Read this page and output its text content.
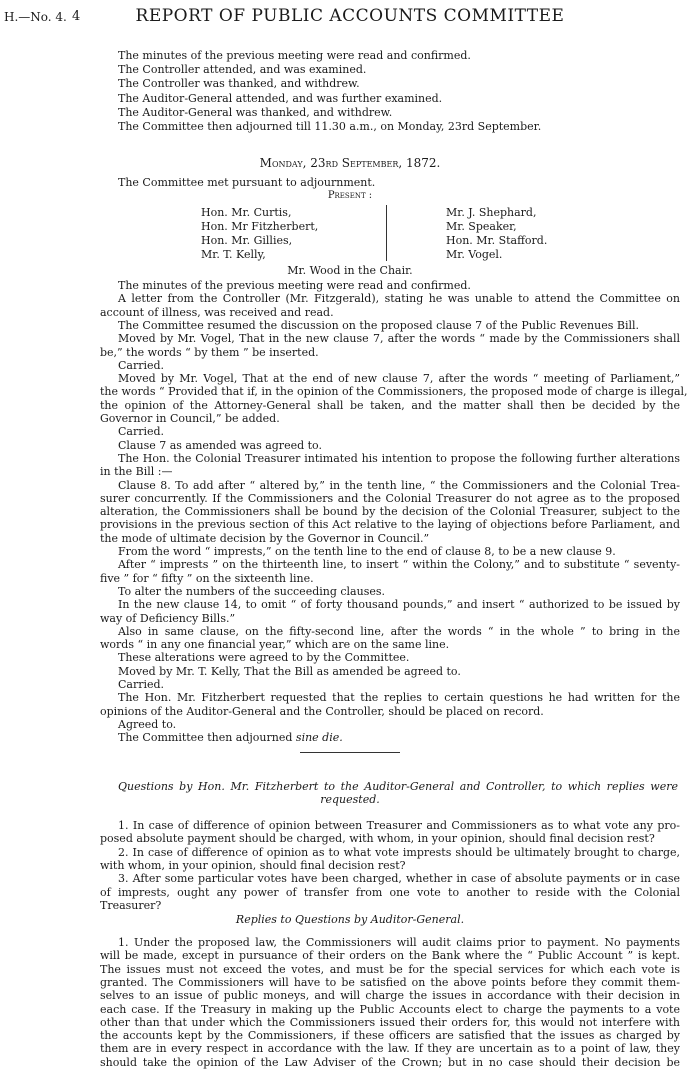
H.—No. 4. 4	REPORT OF PUBLIC ACCOUNTS COMMITTEE
The minutes of the previous meeting were read and confirmed.
The Controller attended, and was examined.
The Controller was thanked, and withdrew.
The Auditor-General attended, and was further examined.
The Auditor-General was thanked, and withdrew.
The Committee then adjourned till 11.30 a.m., on Monday, 23rd September.
Monday, 23rd September, 1872.
The Committee met pursuant to adjournment.
Present :
Hon. Mr. Curtis,
Hon. Mr Fitzherbert,
Hon. Mr. Gillies,
Mr. T. Kelly,
Mr. J. Shephard,
Mr. Speaker,
Hon. Mr. Stafford.
Mr. Vogel.
Mr. Wood in the Chair.
The minutes of the previous meeting were read and confirmed.
A letter from the Controller (Mr. Fitzgerald), stating he was unable to attend the Committee on
account of illness, was received and read.
The Committee resumed the discussion on the proposed clause 7 of the Public Revenues Bill.
Moved by Mr. Vogel, That in the new clause 7, after the words “ made by the Commissioners shall
be,” the words “ by them ” be inserted.
Carried.
Moved by Mr. Vogel, That at the end of new clause 7, after the words “ meeting of Parliament,”
the words “ Provided that if, in the opinion of the Commissioners, the proposed mode of charge is illegal,
the opinion of the Attorney-General shall be taken, and the matter shall then be decided by the
Governor in Council,” be added.
Carried.
Clause 7 as amended was agreed to.
The Hon. the Colonial Treasurer intimated his intention to propose the following further alterations
in the Bill :—
Clause 8. To add after “ altered by,” in the tenth line, “ the Commissioners and the Colonial Trea-
surer concurrently. If the Commissioners and the Colonial Treasurer do not agree as to the proposed
alteration, the Commissioners shall be bound by the decision of the Colonial Treasurer, subject to the
provisions in the previous section of this Act relative to the laying of objections before Parliament, and
the mode of ultimate decision by the Governor in Council.”
From the word “ imprests,” on the tenth line to the end of clause 8, to be a new clause 9.
After “ imprests ” on the thirteenth line, to insert “ within the Colony,” and to substitute “ seventy-
five ” for “ fifty ” on the sixteenth line.
To alter the numbers of the succeeding clauses.
In the new clause 14, to omit “ of forty thousand pounds,” and insert “ authorized to be issued by
way of Deficiency Bills.”
Also in same clause, on the fifty-second line, after the words “ in the whole ” to bring in the
words “ in any one financial year,” which are on the same line.
These alterations were agreed to by the Committee.
Moved by Mr. T. Kelly, That the Bill as amended be agreed to.
Carried.
The Hon. Mr. Fitzherbert requested that the replies to certain questions he had written for the
opinions of the Auditor-General and the Controller, should be placed on record.
Agreed to.
The Committee then adjourned sine die.
Questions by Hon. Mr. Fitzherbert to the Auditor-General and Controller, to which replies were
requested.
1. In case of difference of opinion between Treasurer and Commissioners as to what vote any pro-
posed absolute payment should be charged, with whom, in your opinion, should final decision rest?
2. In case of difference of opinion as to what vote imprests should be ultimately brought to charge,
with whom, in your opinion, should final decision rest?
3. After some particular votes have been charged, whether in case of absolute payments or in case
of imprests, ought any power of transfer from one vote to another to reside with the Colonial
Treasurer?
Replies to Questions by Auditor-General.
1. Under the proposed law, the Commissioners will audit claims prior to payment. No payments
will be made, except in pursuance of their orders on the Bank where the “ Public Account ” is kept.
The issues must not exceed the votes, and must be for the special services for which each vote is
granted. The Commissioners will have to be satisfied on the above points before they commit them-
selves to an issue of public moneys, and will charge the issues in accordance with their decision in
each case. If the Treasury in making up the Public Accounts elect to charge the payments to a vote
other than that under which the Commissioners issued their orders for, this would not interfere with
the accounts kept by the Commissioners, if these officers are satisfied that the issues as charged by
them are in every respect in accordance with the law. If they are uncertain as to a point of law, they
should take the opinion of the Law Adviser of the Crown; but in no case should their decision be
